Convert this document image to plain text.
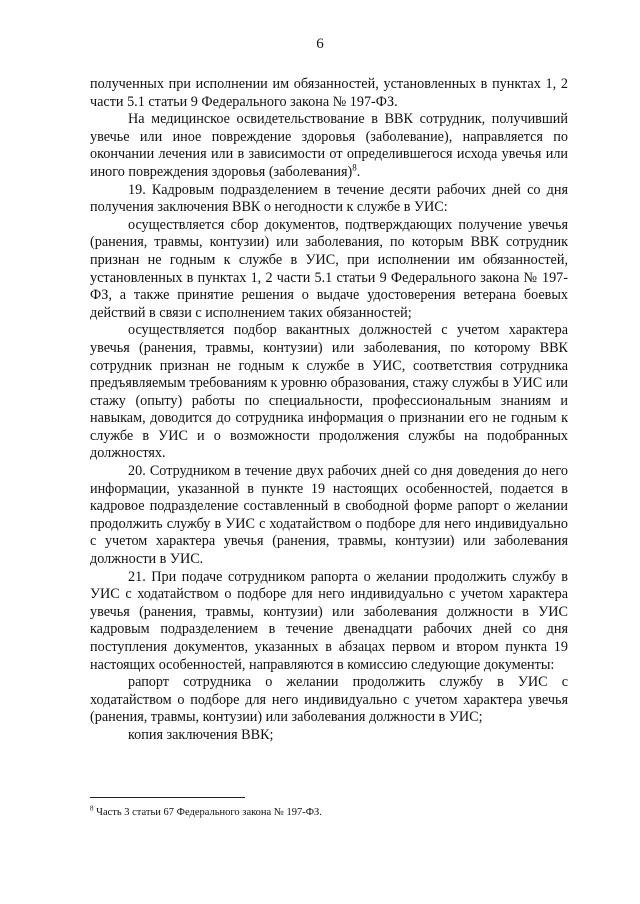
6

полученных при исполнении им обязанностей, установленных в пунктах 1, 2 части 5.1 статьи 9 Федерального закона № 197-ФЗ.

На медицинское освидетельствование в ВВК сотрудник, получивший увечье или иное повреждение здоровья (заболевание), направляется по окончании лечения или в зависимости от определившегося исхода увечья или иного повреждения здоровья (заболевания)$^8$.

19. Кадровым подразделением в течение десяти рабочих дней со дня получения заключения ВВК о негодности к службе в УИС:

осуществляется сбор документов, подтверждающих получение увечья (ранения, травмы, контузии) или заболевания, по которым ВВК сотрудник признан не годным к службе в УИС, при исполнении им обязанностей, установленных в пунктах 1, 2 части 5.1 статьи 9 Федерального закона № 197-ФЗ, а также принятие решения о выдаче удостоверения ветерана боевых действий в связи с исполнением таких обязанностей;

осуществляется подбор вакантных должностей с учетом характера увечья (ранения, травмы, контузии) или заболевания, по которому ВВК сотрудник признан не годным к службе в УИС, соответствия сотрудника предъявляемым требованиям к уровню образования, стажу службы в УИС или стажу (опыту) работы по специальности, профессиональным знаниям и навыкам, доводится до сотрудника информация о признании его не годным к службе в УИС и о возможности продолжения службы на подобранных должностях.

20. Сотрудником в течение двух рабочих дней со дня доведения до него информации, указанной в пункте 19 настоящих особенностей, подается в кадровое подразделение составленный в свободной форме рапорт о желании продолжить службу в УИС с ходатайством о подборе для него индивидуально с учетом характера увечья (ранения, травмы, контузии) или заболевания должности в УИС.

21. При подаче сотрудником рапорта о желании продолжить службу в УИС с ходатайством о подборе для него индивидуально с учетом характера увечья (ранения, травмы, контузии) или заболевания должности в УИС кадровым подразделением в течение двенадцати рабочих дней со дня поступления документов, указанных в абзацах первом и втором пункта 19 настоящих особенностей, направляются в комиссию следующие документы:

рапорт сотрудника о желании продолжить службу в УИС с ходатайством о подборе для него индивидуально с учетом характера увечья (ранения, травмы, контузии) или заболевания должности в УИС;

копия заключения ВВК;

$^8$ Часть 3 статьи 67 Федерального закона № 197-ФЗ.
